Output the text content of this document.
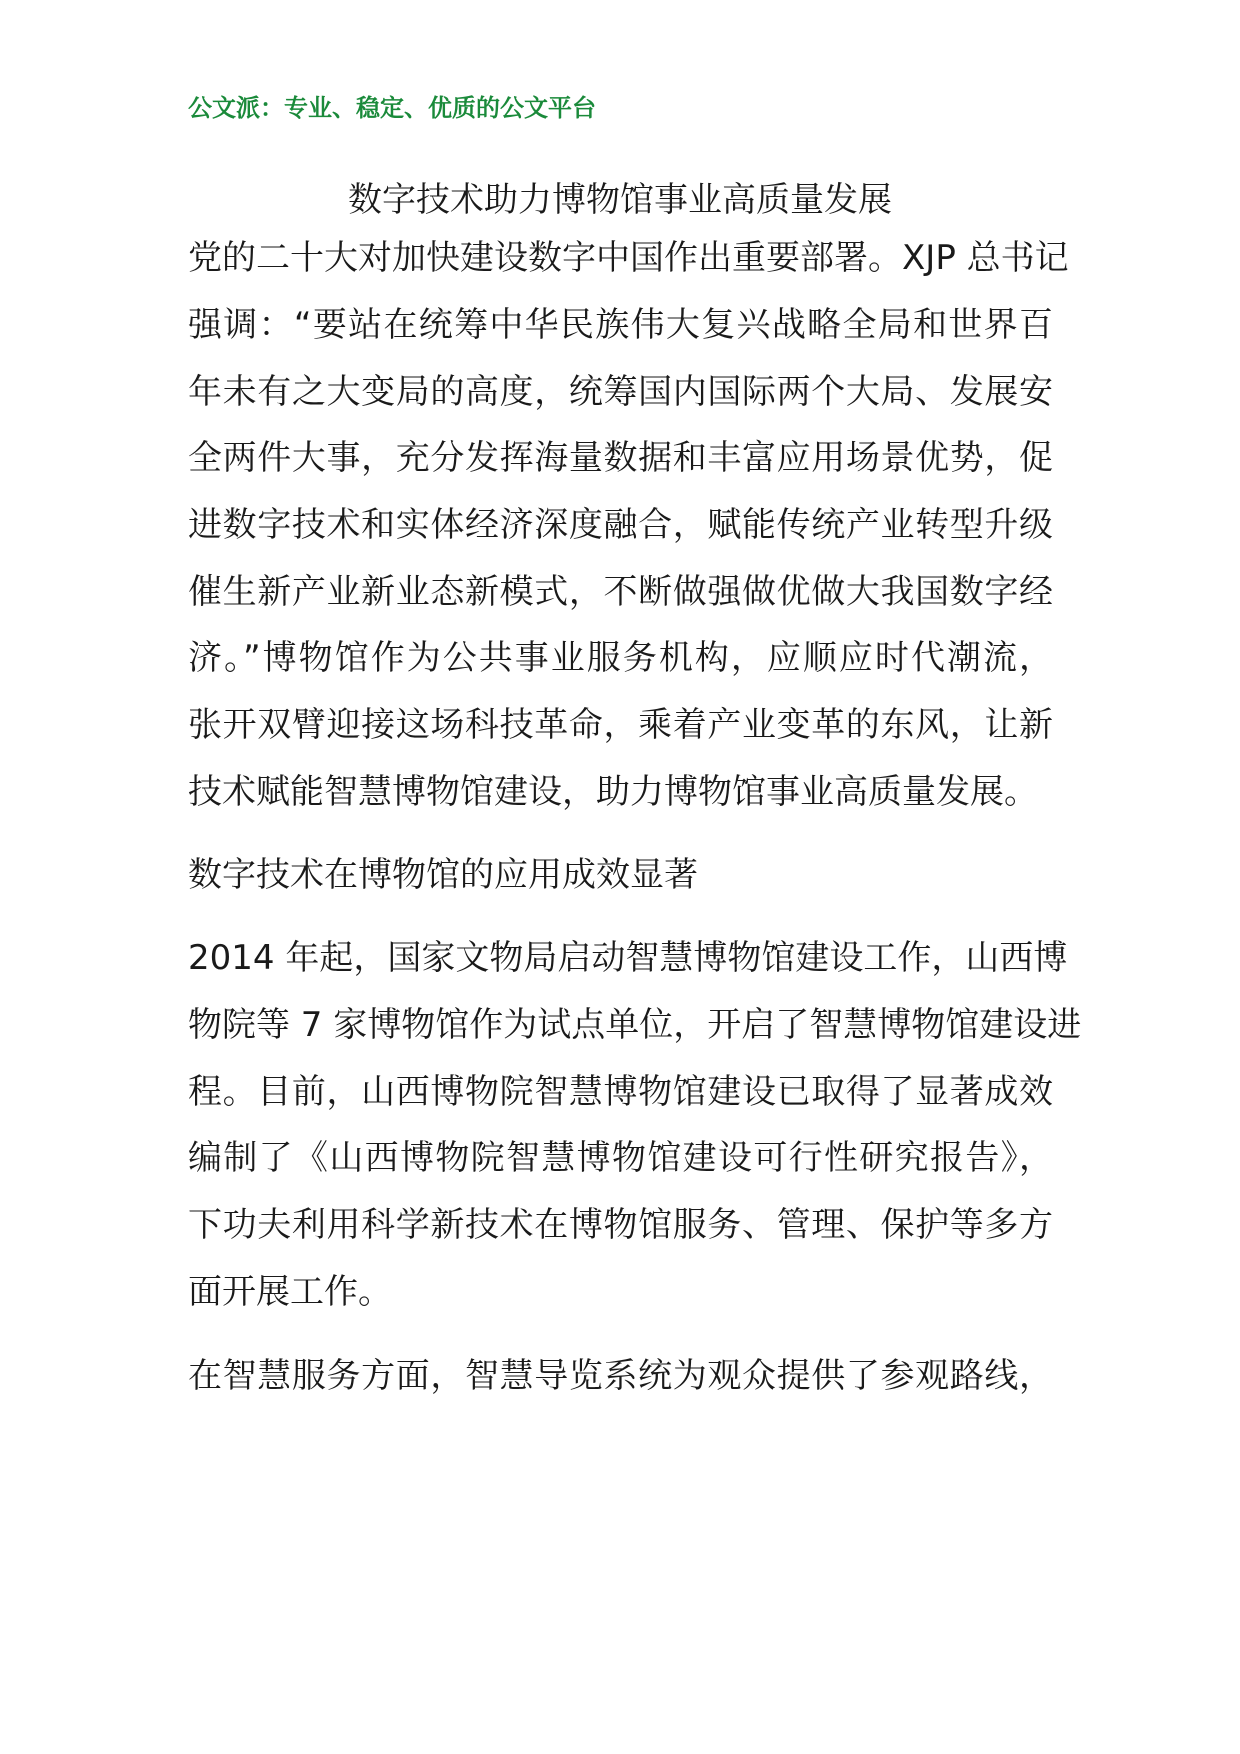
公文派：专业、稳定、优质的公文平台
数字技术助力博物馆事业高质量发展
党的二十大对加快建设数字中国作出重要部署。XJP 总书记
强调：“要站在统筹中华民族伟大复兴战略全局和世界百
年未有之大变局的高度，统筹国内国际两个大局、发展安
全两件大事，充分发挥海量数据和丰富应用场景优势，促
进数字技术和实体经济深度融合，赋能传统产业转型升级
催生新产业新业态新模式，不断做强做优做大我国数字经
济。”博物馆作为公共事业服务机构，应顺应时代潮流，
张开双臂迎接这场科技革命，乘着产业变革的东风，让新
技术赋能智慧博物馆建设，助力博物馆事业高质量发展。
数字技术在博物馆的应用成效显著
2014 年起，国家文物局启动智慧博物馆建设工作，山西博
物院等 7 家博物馆作为试点单位，开启了智慧博物馆建设进
程。目前，山西博物院智慧博物馆建设已取得了显著成效
编制了《山西博物院智慧博物馆建设可行性研究报告》，
下功夫利用科学新技术在博物馆服务、管理、保护等多方
面开展工作。
在智慧服务方面，智慧导览系统为观众提供了参观路线，
